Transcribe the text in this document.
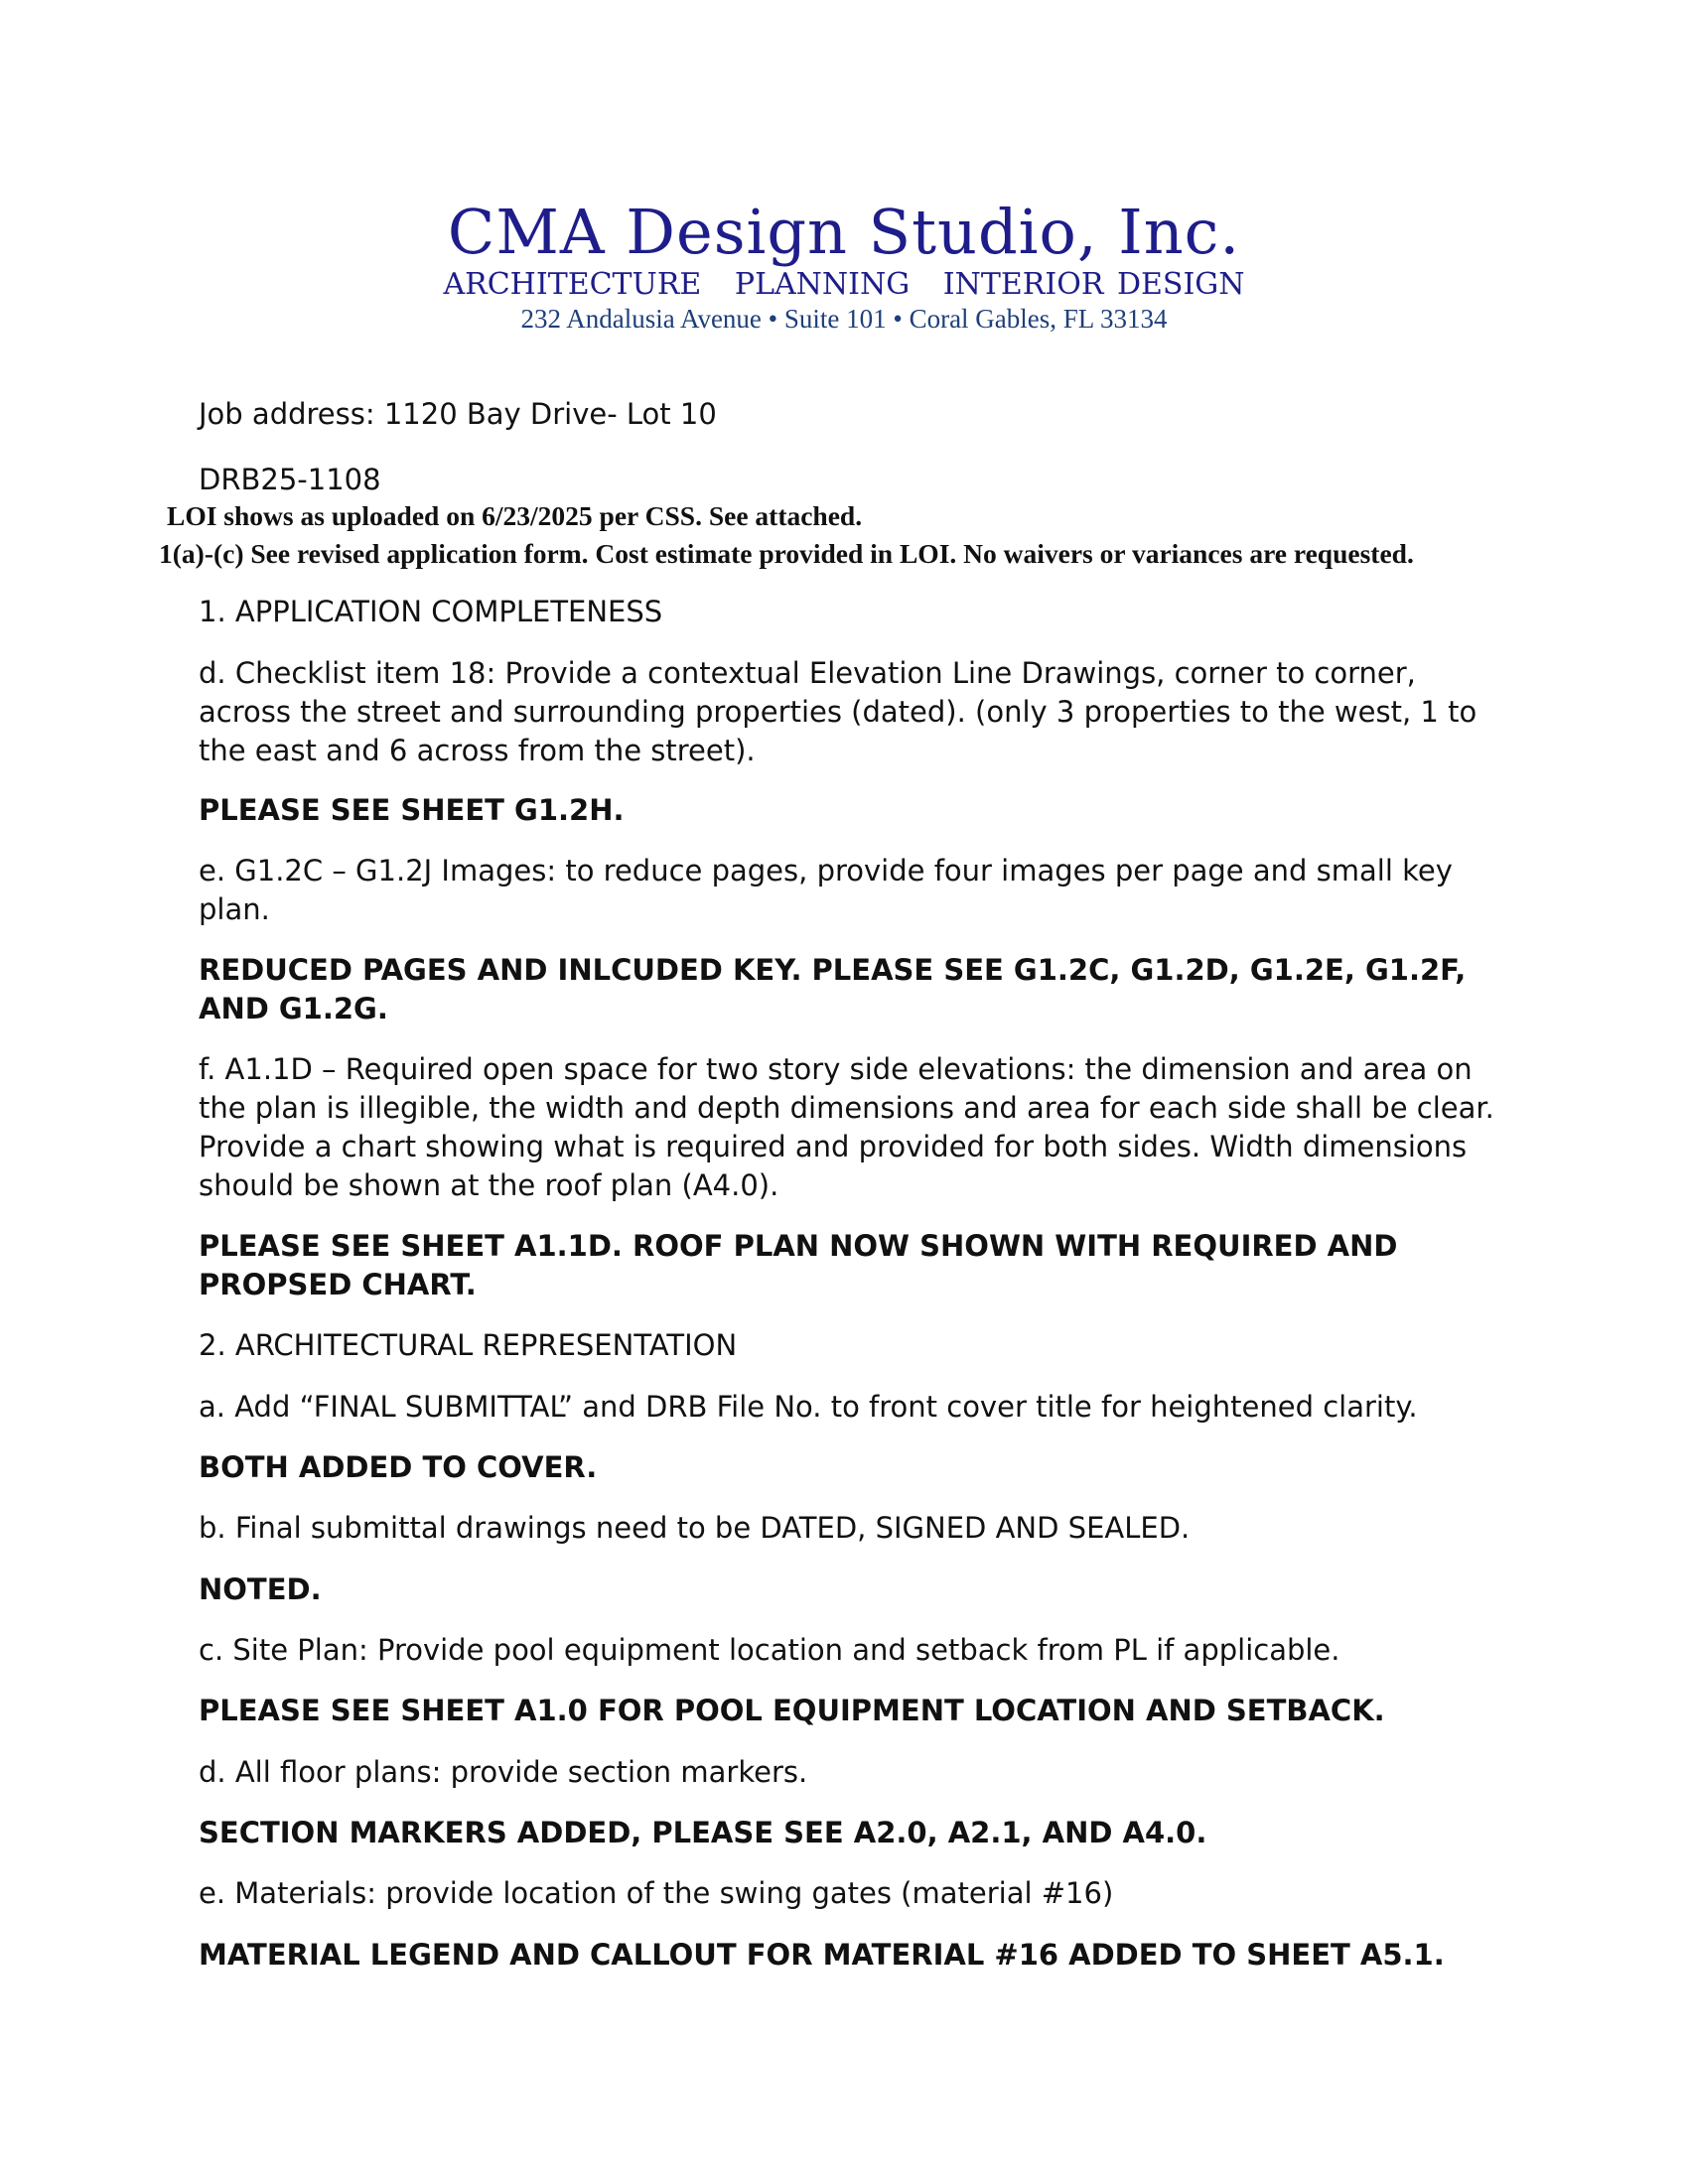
CMA Design Studio, Inc.
ARCHITECTURE PLANNING INTERIOR DESIGN
232 Andalusia Avenue • Suite 101 • Coral Gables, FL 33134

Job address: 1120 Bay Drive- Lot 10

DRB25-1108

LOI shows as uploaded on 6/23/2025 per CSS. See attached.

1(a)-(c) See revised application form. Cost estimate provided in LOI. No waivers or variances are requested.

1. APPLICATION COMPLETENESS

d. Checklist item 18: Provide a contextual Elevation Line Drawings, corner to corner, across the street and surrounding properties (dated). (only 3 properties to the west, 1 to the east and 6 across from the street).

PLEASE SEE SHEET G1.2H.

e. G1.2C – G1.2J Images: to reduce pages, provide four images per page and small key plan.

REDUCED PAGES AND INLCUDED KEY. PLEASE SEE G1.2C, G1.2D, G1.2E, G1.2F, AND G1.2G.

f. A1.1D – Required open space for two story side elevations: the dimension and area on the plan is illegible, the width and depth dimensions and area for each side shall be clear. Provide a chart showing what is required and provided for both sides. Width dimensions should be shown at the roof plan (A4.0).

PLEASE SEE SHEET A1.1D. ROOF PLAN NOW SHOWN WITH REQUIRED AND PROPSED CHART.

2. ARCHITECTURAL REPRESENTATION

a. Add “FINAL SUBMITTAL” and DRB File No. to front cover title for heightened clarity.

BOTH ADDED TO COVER.

b. Final submittal drawings need to be DATED, SIGNED AND SEALED.

NOTED.

c. Site Plan: Provide pool equipment location and setback from PL if applicable.

PLEASE SEE SHEET A1.0 FOR POOL EQUIPMENT LOCATION AND SETBACK.

d. All floor plans: provide section markers.

SECTION MARKERS ADDED, PLEASE SEE A2.0, A2.1, AND A4.0.

e. Materials: provide location of the swing gates (material #16)

MATERIAL LEGEND AND CALLOUT FOR MATERIAL #16 ADDED TO SHEET A5.1.
